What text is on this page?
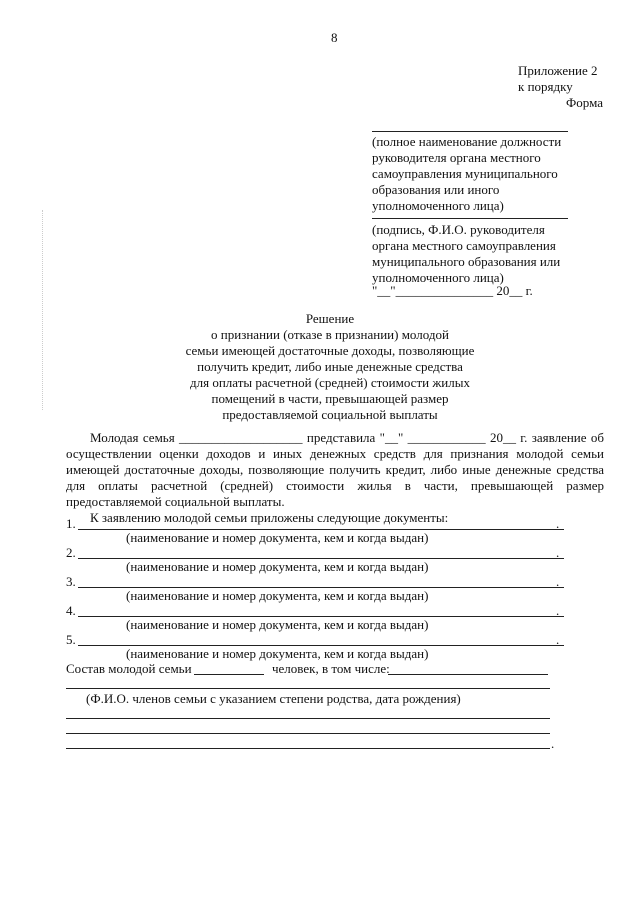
8
Приложение 2
к порядку
Форма
(полное наименование должности
руководителя органа местного
самоуправления муниципального
образования или иного
уполномоченного лица)
(подпись, Ф.И.О. руководителя
органа местного самоуправления
муниципального образования или
уполномоченного лица)
"__"_______________ 20__ г.
Решение
о признании (отказе в признании) молодой
семьи имеющей достаточные доходы, позволяющие
получить кредит, либо иные денежные средства
для оплаты расчетной (средней) стоимости жилых
помещений в части, превышающей размер
предоставляемой социальной выплаты
Молодая семья ___________________ представила "__" ____________ 20__ г. заявление об
осуществлении оценки доходов и иных денежных средств для признания молодой семьи
имеющей достаточные доходы, позволяющие получить кредит, либо иные денежные средства
для оплаты расчетной (средней) стоимости жилья в части, превышающей размер
предоставляемой социальной выплаты.
К заявлению молодой семьи приложены следующие документы:
1.	.
(наименование и номер документа, кем и когда выдан)
2.	.
(наименование и номер документа, кем и когда выдан)
3.	.
(наименование и номер документа, кем и когда выдан)
4.	.
(наименование и номер документа, кем и когда выдан)
5.	.
(наименование и номер документа, кем и когда выдан)
Состав молодой семьи	человек, в том числе:
(Ф.И.О. членов семьи с указанием степени родства, дата рождения)
.
